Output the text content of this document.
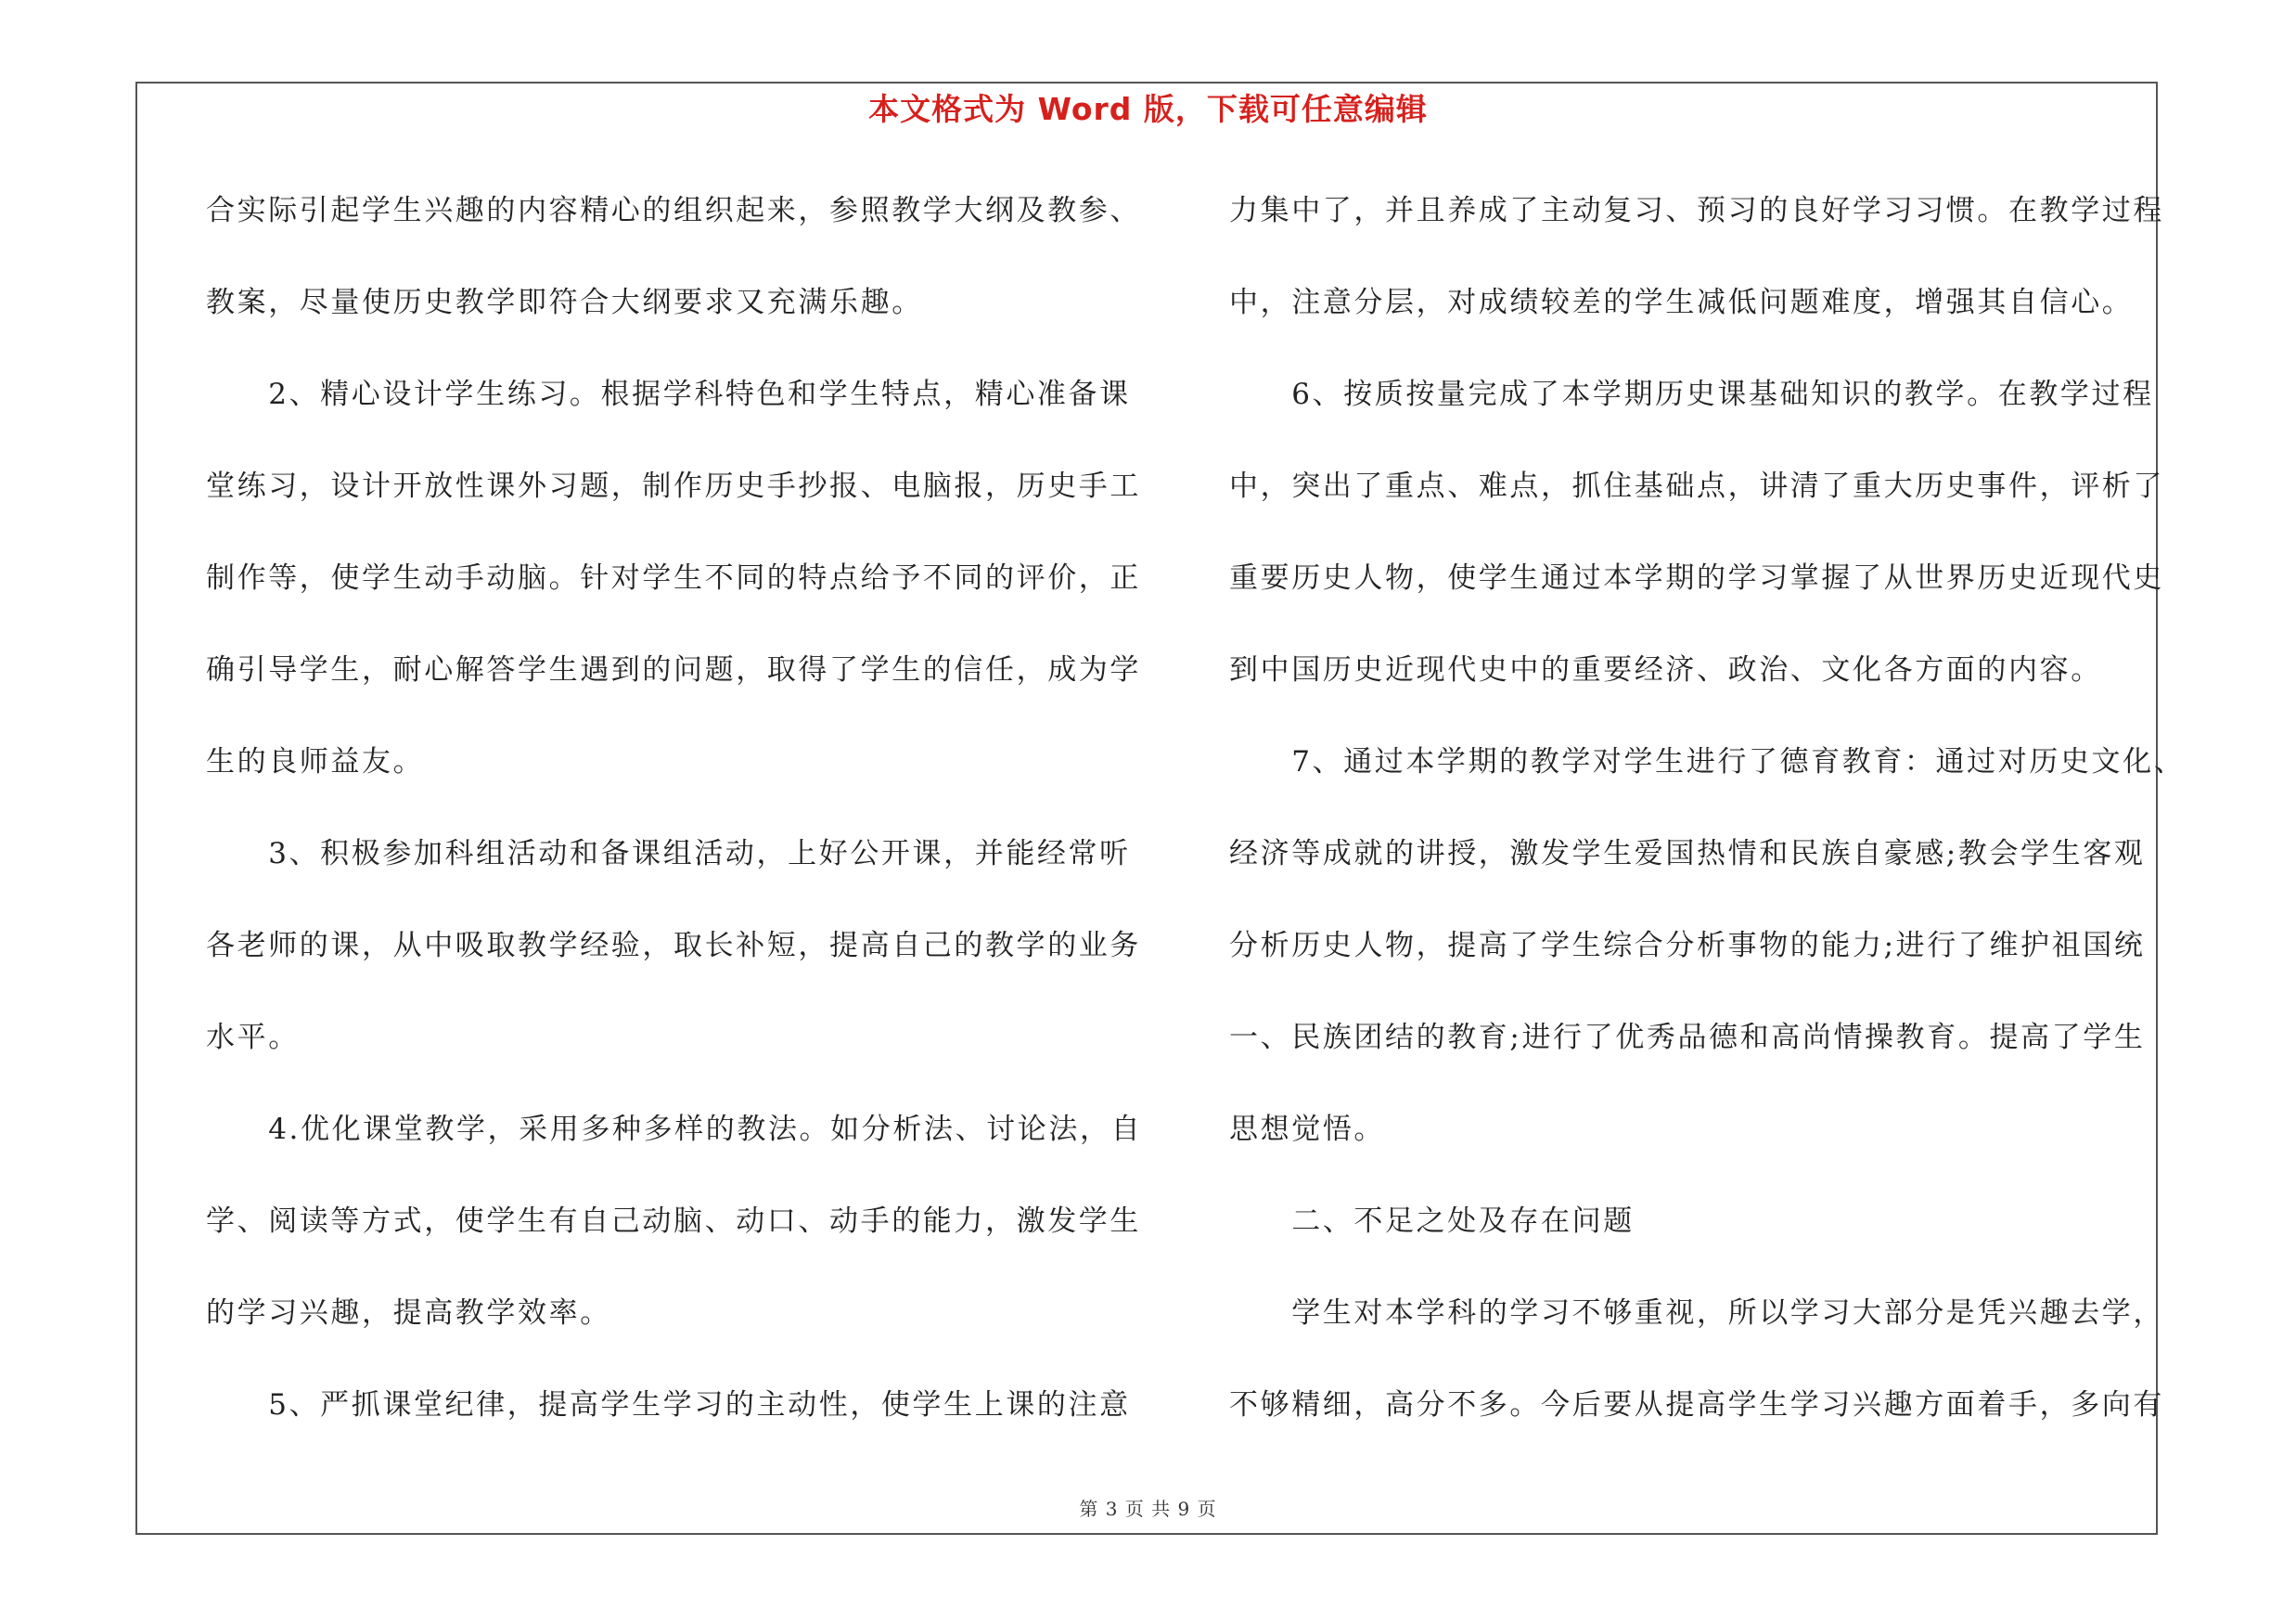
本文格式为 Word 版，下载可任意编辑
合实际引起学生兴趣的内容精心的组织起来，参照教学大纲及教参、
教案，尽量使历史教学即符合大纲要求又充满乐趣。
　　2、精心设计学生练习。根据学科特色和学生特点，精心准备课
堂练习，设计开放性课外习题，制作历史手抄报、电脑报，历史手工
制作等，使学生动手动脑。针对学生不同的特点给予不同的评价，正
确引导学生，耐心解答学生遇到的问题，取得了学生的信任，成为学
生的良师益友。
　　3、积极参加科组活动和备课组活动，上好公开课，并能经常听
各老师的课，从中吸取教学经验，取长补短，提高自己的教学的业务
水平。
　　4.优化课堂教学，采用多种多样的教法。如分析法、讨论法，自
学、阅读等方式，使学生有自己动脑、动口、动手的能力，激发学生
的学习兴趣，提高教学效率。
　　5、严抓课堂纪律，提高学生学习的主动性，使学生上课的注意
力集中了，并且养成了主动复习、预习的良好学习习惯。在教学过程
中，注意分层，对成绩较差的学生减低问题难度，增强其自信心。
　　6、按质按量完成了本学期历史课基础知识的教学。在教学过程
中，突出了重点、难点，抓住基础点，讲清了重大历史事件，评析了
重要历史人物，使学生通过本学期的学习掌握了从世界历史近现代史
到中国历史近现代史中的重要经济、政治、文化各方面的内容。
　　7、通过本学期的教学对学生进行了德育教育：通过对历史文化、
经济等成就的讲授，激发学生爱国热情和民族自豪感;教会学生客观
分析历史人物，提高了学生综合分析事物的能力;进行了维护祖国统
一、民族团结的教育;进行了优秀品德和高尚情操教育。提高了学生
思想觉悟。
　　二、不足之处及存在问题
　　学生对本学科的学习不够重视，所以学习大部分是凭兴趣去学，
不够精细，高分不多。今后要从提高学生学习兴趣方面着手，多向有
第 3 页 共 9 页
